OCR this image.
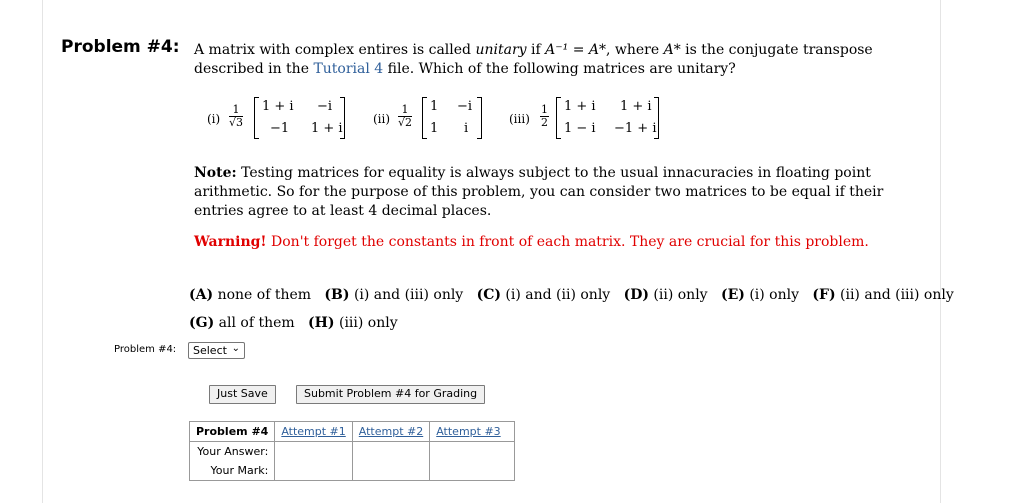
Problem #4: A matrix with complex entires is called unitary if A⁻¹ = A*, where A* is the conjugate transpose described in the Tutorial 4 file. Which of the following matrices are unitary?
$(i) \frac{1}{√3} 1 + i -i$
−1 1 + i
$(ii) \frac{1}{√2} 1 -i$
1 i
$(iii) \frac{1}{2} 1 + i$ 1 + i
1 − i −1 + i
Note: Testing matrices for equality is always subject to the usual innacuracies in floating point arithmetic. So for the purpose of this problem, you can consider two matrices to be equal if their entries agree to at least 4 decimal places.
Warning! Don't forget the constants in front of each matrix. They are crucial for this problem.
(A) none of them (B) (i) and (iii) only (C) (i) and (ii) only (D) (ii) only (E) (i) only (F) (ii) and (iii) only
(G) all of them (H) (iii) only
Problem #4:	Select ⌄
Just Save	Submit Problem #4 for Grading
Problem #4	Attempt #1	Attempt #2	Attempt #3
Your Answer:			
Your Mark:			
